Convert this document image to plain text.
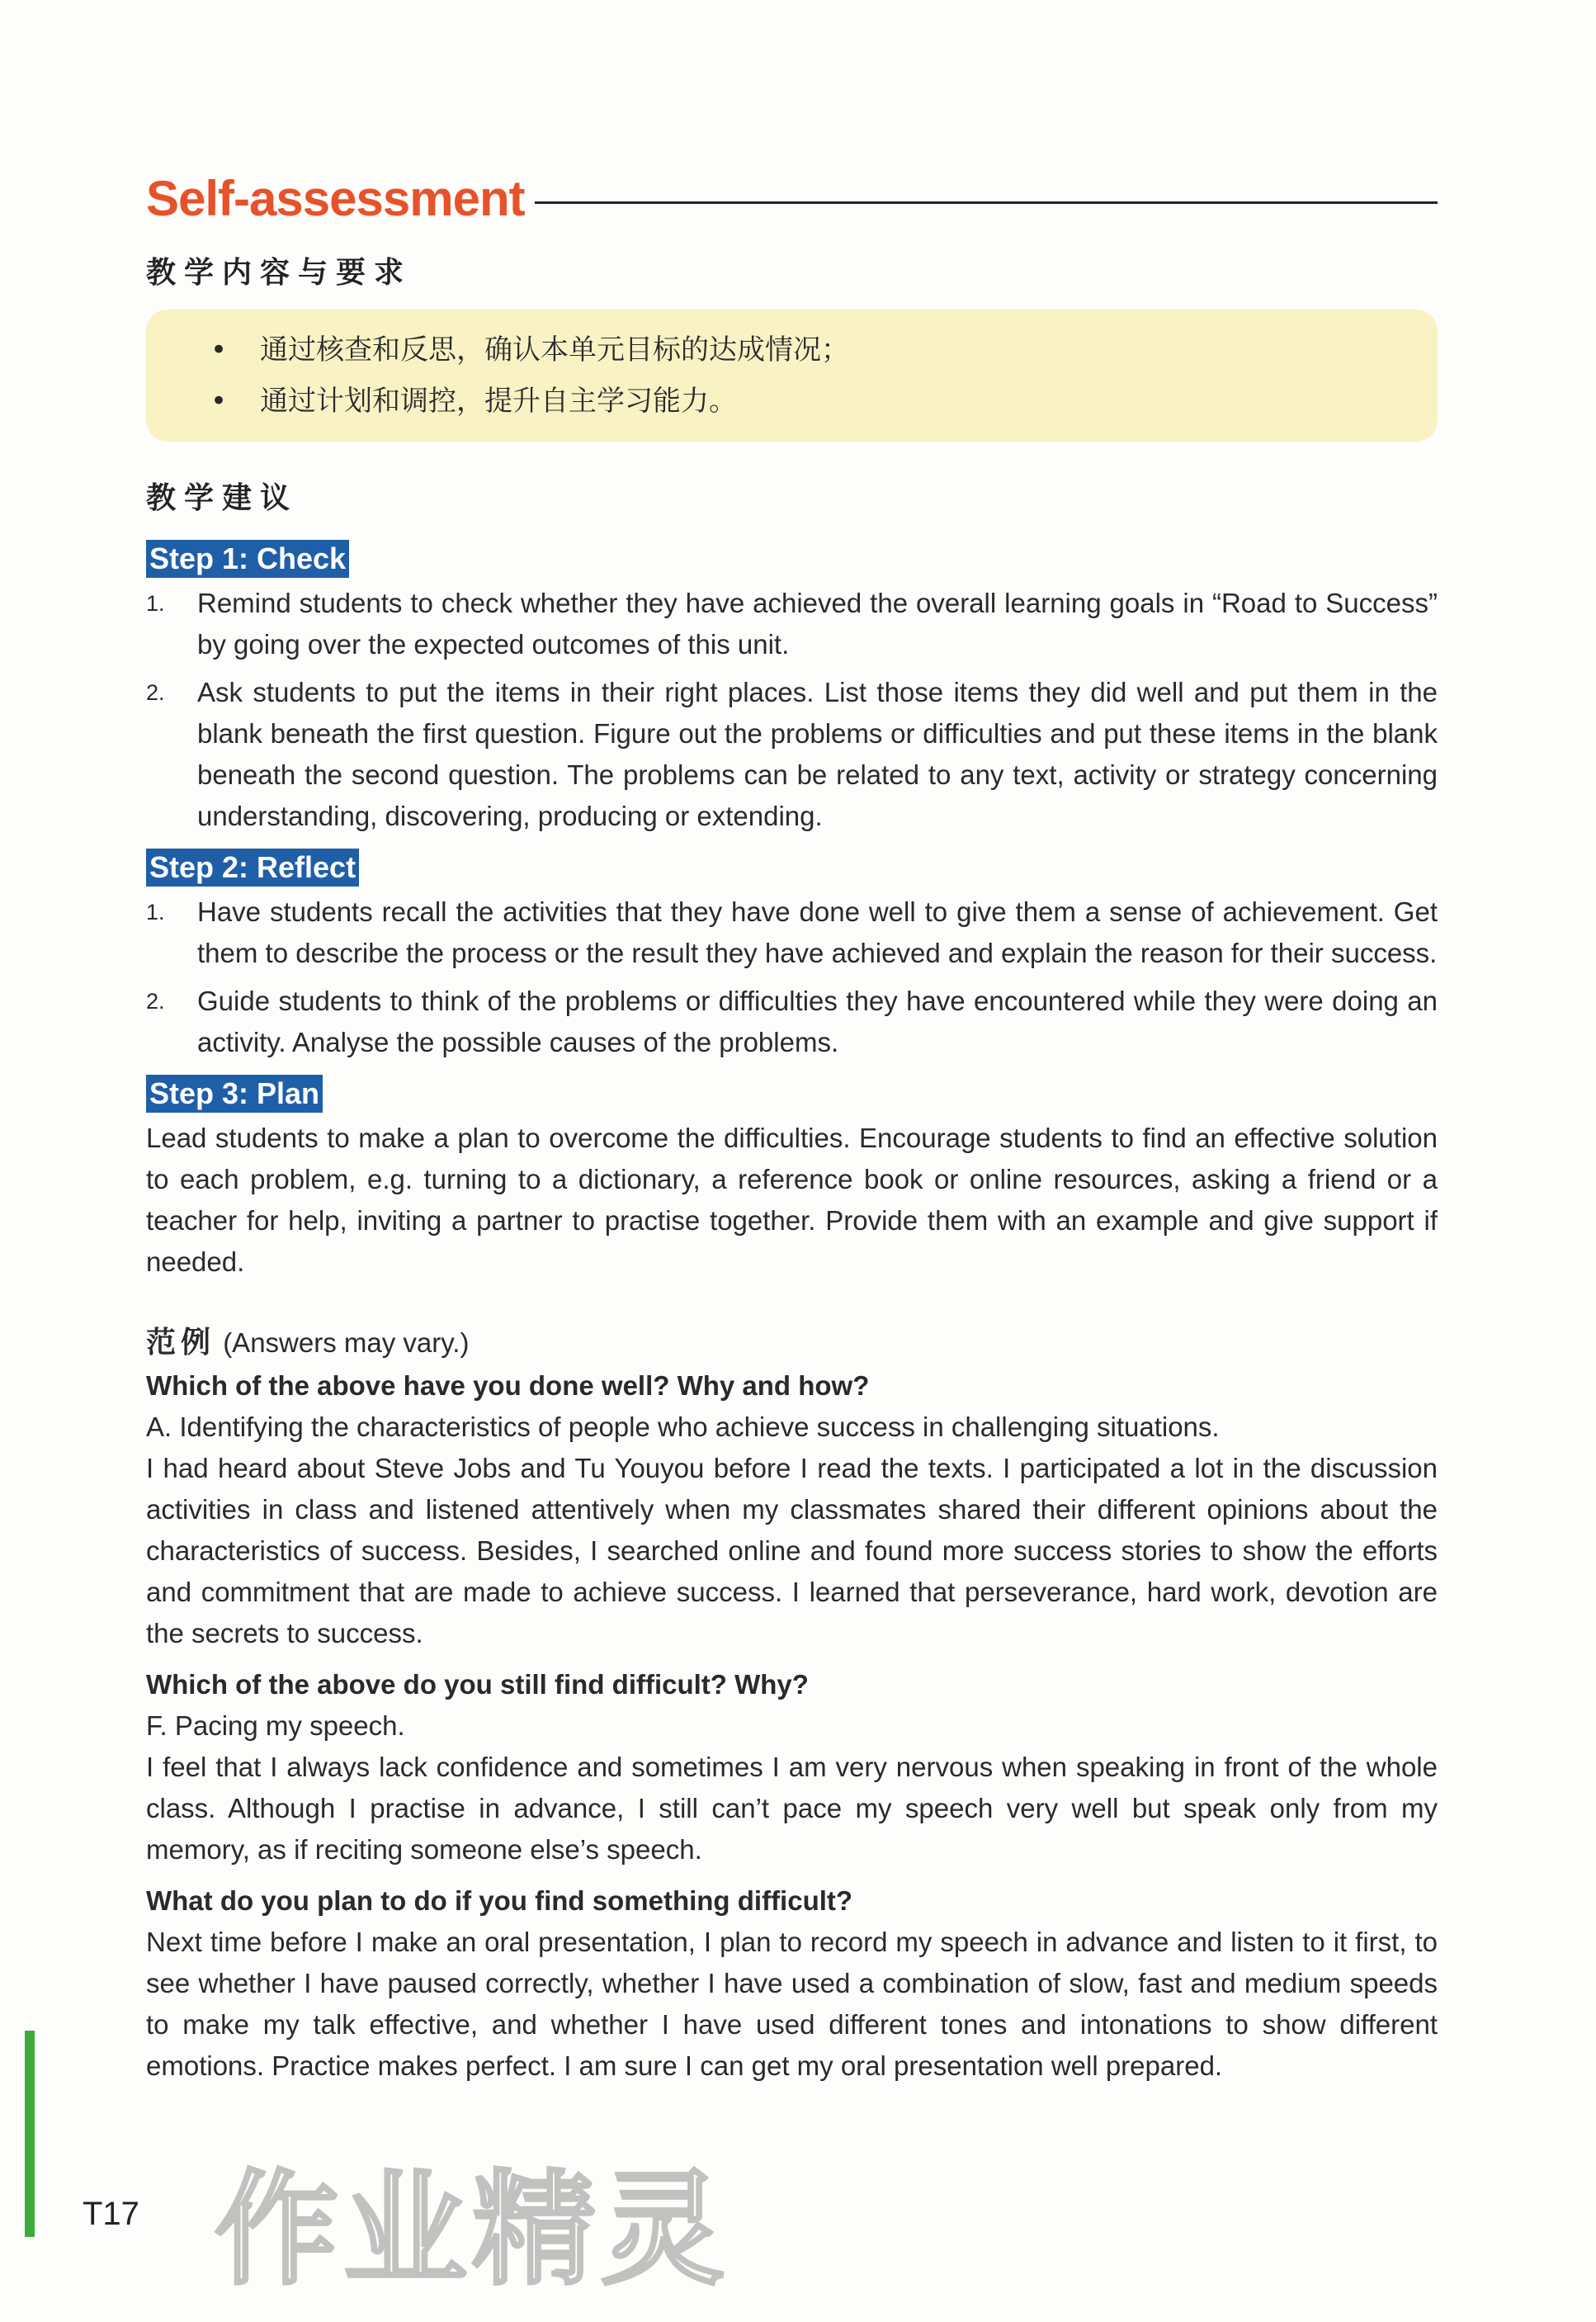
Self-assessment
教学内容与要求
• 通过核查和反思，确认本单元目标的达成情况；
• 通过计划和调控，提升自主学习能力。
教学建议
Step 1: Check
1. Remind students to check whether they have achieved the overall learning goals in “Road to Success” by going over the expected outcomes of this unit.
2. Ask students to put the items in their right places. List those items they did well and put them in the blank beneath the first question. Figure out the problems or difficulties and put these items in the blank beneath the second question. The problems can be related to any text, activity or strategy concerning understanding, discovering, producing or extending.
Step 2: Reflect
1. Have students recall the activities that they have done well to give them a sense of achievement. Get them to describe the process or the result they have achieved and explain the reason for their success.
2. Guide students to think of the problems or difficulties they have encountered while they were doing an activity. Analyse the possible causes of the problems.
Step 3: Plan

Lead students to make a plan to overcome the difficulties. Encourage students to find an effective solution to each problem, e.g. turning to a dictionary, a reference book or online resources, asking a friend or a teacher for help, inviting a partner to practise together. Provide them with an example and give support if needed.

范例 (Answers may vary.)
Which of the above have you done well? Why and how?

A. Identifying the characteristics of people who achieve success in challenging situations.

I had heard about Steve Jobs and Tu Youyou before I read the texts. I participated a lot in the discussion activities in class and listened attentively when my classmates shared their different opinions about the characteristics of success. Besides, I searched online and found more success stories to show the efforts and commitment that are made to achieve success. I learned that perseverance, hard work, devotion are the secrets to success.

Which of the above do you still find difficult? Why?

F. Pacing my speech.

I feel that I always lack confidence and sometimes I am very nervous when speaking in front of the whole class. Although I practise in advance, I still can’t pace my speech very well but speak only from my memory, as if reciting someone else’s speech.

What do you plan to do if you find something difficult?

Next time before I make an oral presentation, I plan to record my speech in advance and listen to it first, to see whether I have paused correctly, whether I have used a combination of slow, fast and medium speeds to make my talk effective, and whether I have used different tones and intonations to show different emotions. Practice makes perfect. I am sure I can get my oral presentation well prepared.

T17 作业精灵
